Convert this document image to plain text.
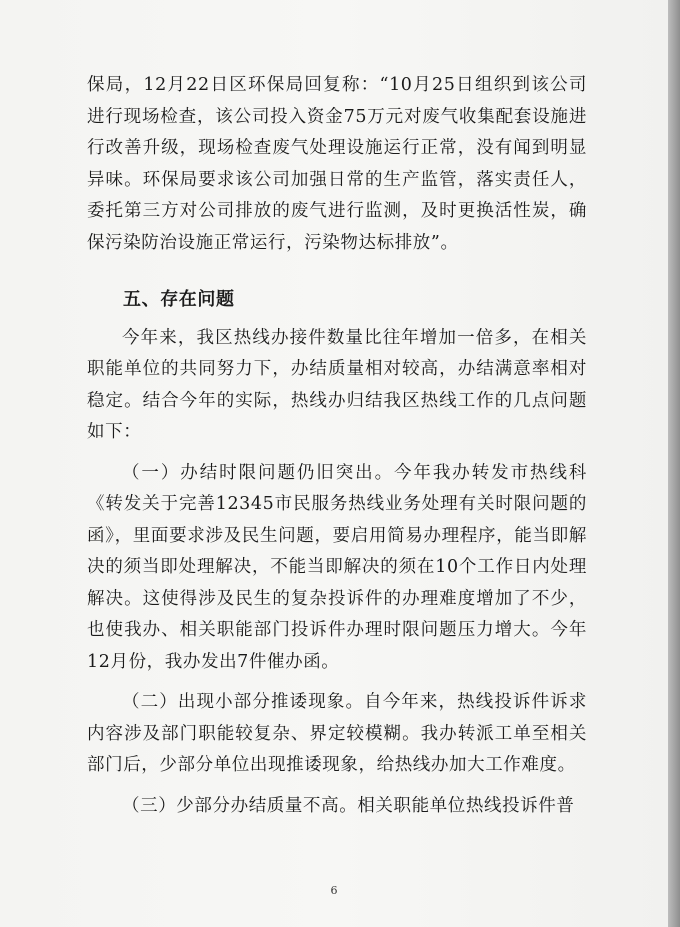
保局，12月22日区环保局回复称：“10月25日组织到该公司进行现场检查，该公司投入资金75万元对废气收集配套设施进行改善升级，现场检查废气处理设施运行正常，没有闻到明显异味。环保局要求该公司加强日常的生产监管，落实责任人，委托第三方对公司排放的废气进行监测，及时更换活性炭，确保污染防治设施正常运行，污染物达标排放”。

五、存在问题

今年来，我区热线办接件数量比往年增加一倍多，在相关职能单位的共同努力下，办结质量相对较高，办结满意率相对稳定。结合今年的实际，热线办归结我区热线工作的几点问题如下：

（一）办结时限问题仍旧突出。今年我办转发市热线科《转发关于完善12345市民服务热线业务处理有关时限问题的函》，里面要求涉及民生问题，要启用简易办理程序，能当即解决的须当即处理解决，不能当即解决的须在10个工作日内处理解决。这使得涉及民生的复杂投诉件的办理难度增加了不少，也使我办、相关职能部门投诉件办理时限问题压力增大。今年12月份，我办发出7件催办函。

（二）出现小部分推诿现象。自今年来，热线投诉件诉求内容涉及部门职能较复杂、界定较模糊。我办转派工单至相关部门后，少部分单位出现推诿现象，给热线办加大工作难度。

（三）少部分办结质量不高。相关职能单位热线投诉件普

6
